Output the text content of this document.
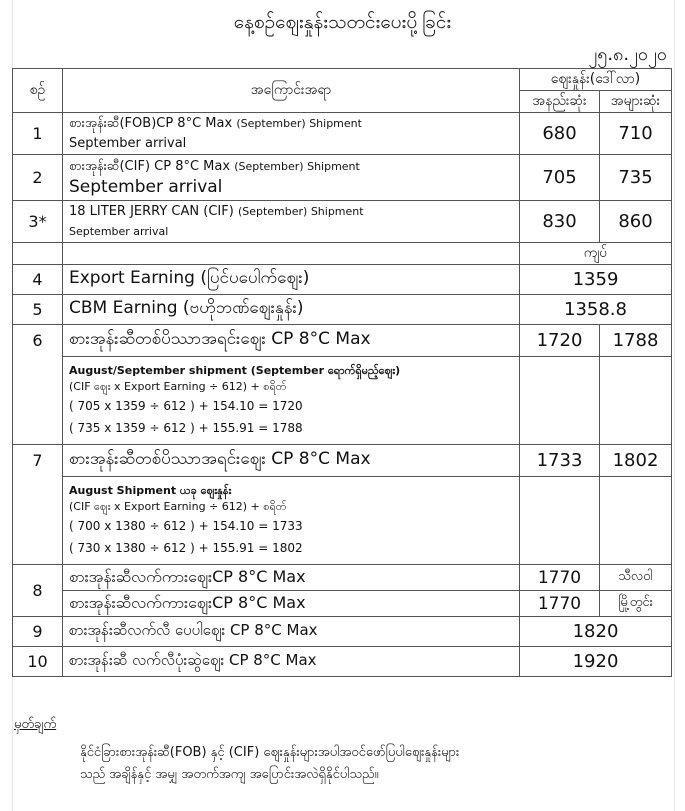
နေ့စဉ်ဈေးနှုန်းသတင်းပေးပို့ခြင်း
၂၅.၈.၂၀၂၀
စဉ်	အကြောင်းအရာ	ဈေးနှုန်း(ဒေါ်လာ)	
		အနည်းဆုံး	အများဆုံး
1	စားအုန်းဆီ(FOB)CP 8°C Max (September) Shipment
September arrival	680	710
2	စားအုန်းဆီ(CIF) CP 8°C Max (September) Shipment
September arrival	705	735
3*	18 LITER JERRY CAN (CIF) (September) Shipment
September arrival	830	860
		ကျပ်	
4	Export Earning (ပြင်ပပေါက်ဈေး)	1359	
5	CBM Earning (ဗဟိုဘဏ်ဈေးနှုန်း)	1358.8	
6	စားအုန်းဆီတစ်ပိဿာအရင်းဈေး CP 8°C Max	1720	1788

	August/September shipment (September ရောက်ရှိမည့်ဈေး)
(CIF ဈေး x Export Earning ÷ 612) + စရိတ်
( 705 x 1359 ÷ 612 ) + 154.10 = 1720
( 735 x 1359 ÷ 612 ) + 155.91 = 1788		

7	စားအုန်းဆီတစ်ပိဿာအရင်းဈေး CP 8°C Max	1733	1802

	August Shipment ယခု ဈေးနှုန်း
(CIF ဈေး x Export Earning ÷ 612) + စရိတ်
( 700 x 1380 ÷ 612 ) + 154.10 = 1733
( 730 x 1380 ÷ 612 ) + 155.91 = 1802		

8	စားအုန်းဆီလက်ကားဈေးCP 8°C Max	1770	သီလဝါ
	စားအုန်းဆီလက်ကားဈေးCP 8°C Max	1770	မြို့တွင်း
9	စားအုန်းဆီလက်လီ ပေပါဈေး CP 8°C Max	1820	
10	စားအုန်းဆီ လက်လီပုံးဆွဲဈေး CP 8°C Max	1920	
မှတ်ချက်
နိုင်ငံခြားစားအုန်းဆီ(FOB) နှင့် (CIF) ဈေးနှုန်းများအပါအဝင်ဖော်ပြပါဈေးနှုန်းများ
သည် အချိန်နှင့် အမျှ အတက်အကျ အပြောင်းအလဲရှိနိုင်ပါသည်။
